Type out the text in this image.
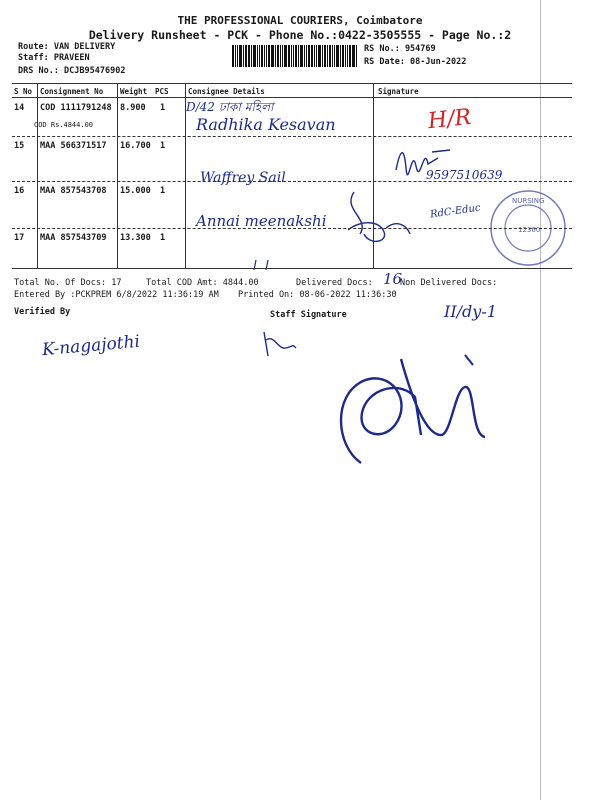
THE PROFESSIONAL COURIERS, Coimbatore
Delivery Runsheet - PCK - Phone No.:0422-3505555 - Page No.:2
Route: VAN DELIVERY
Staff: PRAVEEN
DRS No.: DCJB95476902
RS No.: 954769
RS Date: 08-Jun-2022
S No Consignment No Weight PCS	Consignee Details	Signature
14 COD 1111791248 8.900 1
COD Rs.4844.00
D/42 ঢাকা মহিলা
Radhika Kesavan	H/R
15 MAA 566371517 16.700 1
Waffrey Sail	9597510639
16 MAA 857543708 15.000 1
Annai meenakshi
RdC-Educ
NURSING
12360
17 MAA 857543709 13.300 1
Total No. Of Docs: 17	Total COD Amt: 4844.00	Delivered Docs: 16
Non Delivered Docs:
Entered By :PCKPREM 6/8/2022 11:36:19 AM Printed On: 08-06-2022 11:36:30
Verified By	Staff Signature
K-nagajothi
II/dy-1
